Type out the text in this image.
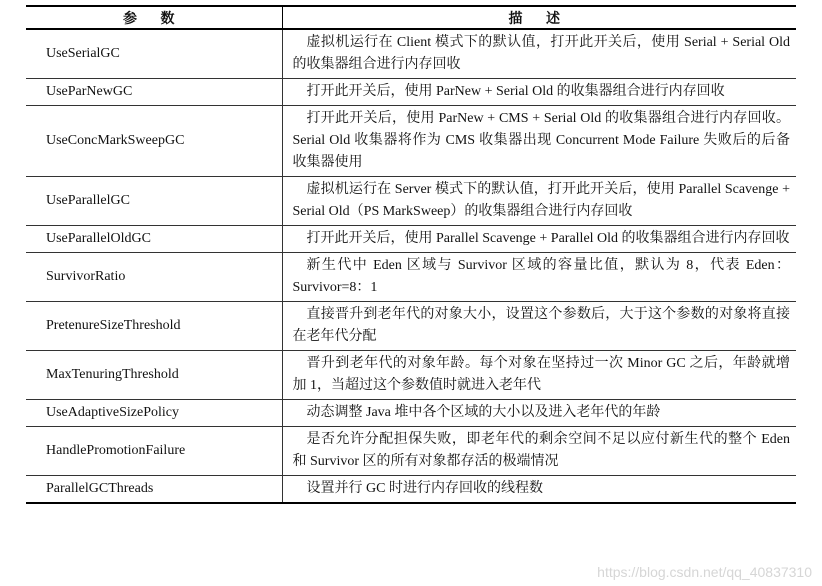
参 数	描 述
UseSerialGC	虚拟机运行在 Client 模式下的默认值，打开此开关后，使用 Serial + Serial Old 的收集器组合进行内存回收
UseParNewGC	打开此开关后，使用 ParNew + Serial Old 的收集器组合进行内存回收
UseConcMarkSweepGC	打开此开关后，使用 ParNew + CMS + Serial Old 的收集器组合进行内存回收。Serial Old 收集器将作为 CMS 收集器出现 Concurrent Mode Failure 失败后的后备收集器使用
UseParallelGC	虚拟机运行在 Server 模式下的默认值，打开此开关后，使用 Parallel Scavenge + Serial Old（PS MarkSweep）的收集器组合进行内存回收
UseParallelOldGC	打开此开关后，使用 Parallel Scavenge + Parallel Old 的收集器组合进行内存回收
SurvivorRatio	新生代中 Eden 区域与 Survivor 区域的容量比值，默认为 8，代表 Eden：Survivor=8：1
PretenureSizeThreshold	直接晋升到老年代的对象大小，设置这个参数后，大于这个参数的对象将直接在老年代分配
MaxTenuringThreshold	晋升到老年代的对象年龄。每个对象在坚持过一次 Minor GC 之后，年龄就增加 1，当超过这个参数值时就进入老年代
UseAdaptiveSizePolicy	动态调整 Java 堆中各个区域的大小以及进入老年代的年龄
HandlePromotionFailure	是否允许分配担保失败，即老年代的剩余空间不足以应付新生代的整个 Eden 和 Survivor 区的所有对象都存活的极端情况
ParallelGCThreads	设置并行 GC 时进行内存回收的线程数
https://blog.csdn.net/qq_40837310
